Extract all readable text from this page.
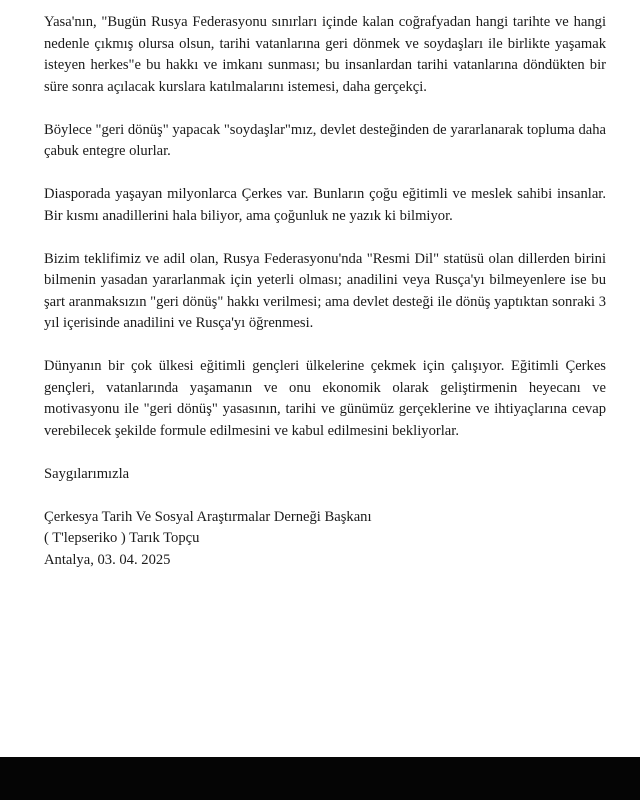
Yasa'nın, "Bugün Rusya Federasyonu sınırları içinde kalan coğrafyadan hangi tarihte ve hangi nedenle çıkmış olursa olsun, tarihi vatanlarına geri dönmek ve soydaşları ile birlikte yaşamak isteyen herkes"e bu hakkı ve imkanı sunması; bu insanlardan tarihi vatanlarına döndükten bir süre sonra açılacak kurslara katılmalarını istemesi, daha gerçekçi.

Böylece "geri dönüş" yapacak "soydaşlar"mız, devlet desteğinden de yararlanarak topluma daha çabuk entegre olurlar.

Diasporada yaşayan milyonlarca Çerkes var. Bunların çoğu eğitimli ve meslek sahibi insanlar. Bir kısmı anadillerini hala biliyor, ama çoğunluk ne yazık ki bilmiyor.

Bizim teklifimiz ve adil olan, Rusya Federasyonu'nda "Resmi Dil" statüsü olan dillerden birini bilmenin yasadan yararlanmak için yeterli olması; anadilini veya Rusça'yı bilmeyenlere ise bu şart aranmaksızın "geri dönüş" hakkı verilmesi; ama devlet desteği ile dönüş yaptıktan sonraki 3 yıl içerisinde anadilini ve Rusça'yı öğrenmesi.

Dünyanın bir çok ülkesi eğitimli gençleri ülkelerine çekmek için çalışıyor. Eğitimli Çerkes gençleri, vatanlarında yaşamanın ve onu ekonomik olarak geliştirmenin heyecanı ve motivasyonu ile "geri dönüş" yasasının, tarihi ve günümüz gerçeklerine ve ihtiyaçlarına cevap verebilecek şekilde formule edilmesini ve kabul edilmesini bekliyorlar.

Saygılarımızla

Çerkesya Tarih Ve Sosyal Araştırmalar Derneği Başkanı

( T'lepseriko ) Tarık Topçu

Antalya, 03. 04. 2025
